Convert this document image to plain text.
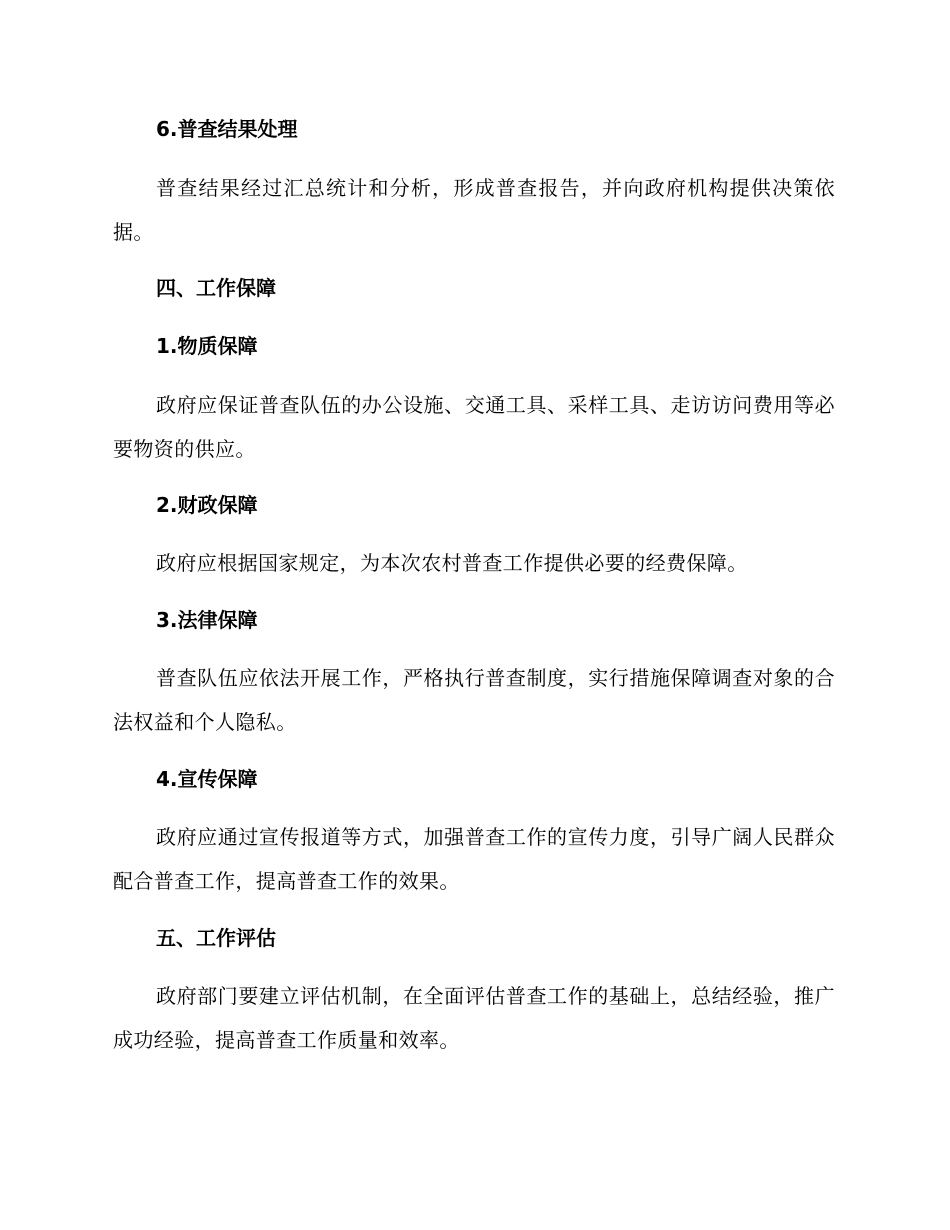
6.普查结果处理

普查结果经过汇总统计和分析，形成普查报告，并向政府机构提供决策依据。

四、工作保障

1.物质保障

政府应保证普查队伍的办公设施、交通工具、采样工具、走访访问费用等必要物资的供应。

2.财政保障

政府应根据国家规定，为本次农村普查工作提供必要的经费保障。

3.法律保障

普查队伍应依法开展工作，严格执行普查制度，实行措施保障调查对象的合法权益和个人隐私。

4.宣传保障

政府应通过宣传报道等方式，加强普查工作的宣传力度，引导广阔人民群众配合普查工作，提高普查工作的效果。

五、工作评估

政府部门要建立评估机制，在全面评估普查工作的基础上，总结经验，推广成功经验，提高普查工作质量和效率。
